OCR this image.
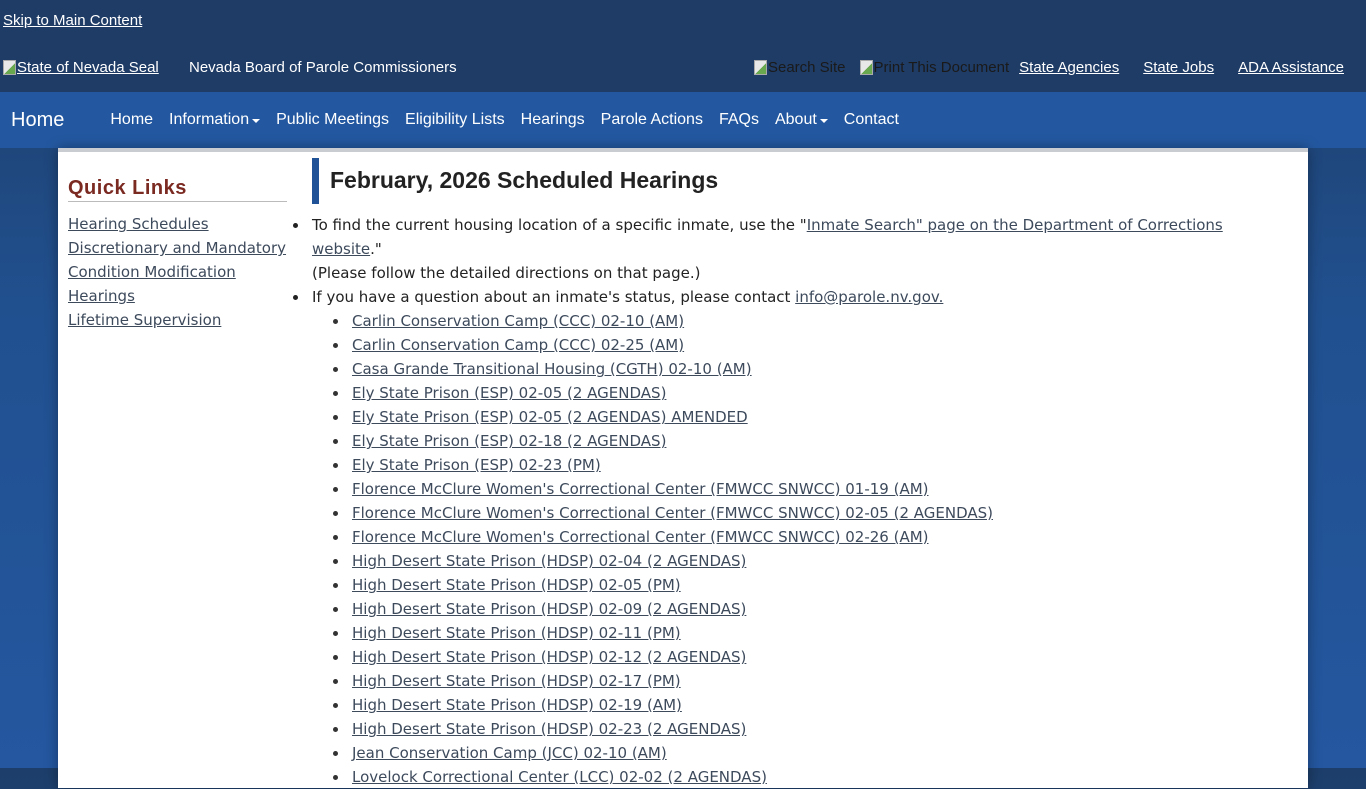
Skip to Main Content
State of Nevada Seal Nevada Board of Parole Commissioners	Search Site Print This Document State Agencies State Jobs ADA Assistance
Home	Home Information Public Meetings Eligibility Lists Hearings Parole Actions FAQs About Contact
Quick Links
Hearing Schedules
Discretionary and Mandatory
Condition Modification
Hearings
Lifetime Supervision
February, 2026 Scheduled Hearings
To find the current housing location of a specific inmate, use the "Inmate Search" page on the Department of Corrections website."
(Please follow the detailed directions on that page.)
If you have a question about an inmate's status, please contact info@parole.nv.gov.
Carlin Conservation Camp (CCC) 02-10 (AM)
Carlin Conservation Camp (CCC) 02-25 (AM)
Casa Grande Transitional Housing (CGTH) 02-10 (AM)
Ely State Prison (ESP) 02-05 (2 AGENDAS)
Ely State Prison (ESP) 02-05 (2 AGENDAS) AMENDED
Ely State Prison (ESP) 02-18 (2 AGENDAS)
Ely State Prison (ESP) 02-23 (PM)
Florence McClure Women's Correctional Center (FMWCC SNWCC) 01-19 (AM)
Florence McClure Women's Correctional Center (FMWCC SNWCC) 02-05 (2 AGENDAS)
Florence McClure Women's Correctional Center (FMWCC SNWCC) 02-26 (AM)
High Desert State Prison (HDSP) 02-04 (2 AGENDAS)
High Desert State Prison (HDSP) 02-05 (PM)
High Desert State Prison (HDSP) 02-09 (2 AGENDAS)
High Desert State Prison (HDSP) 02-11 (PM)
High Desert State Prison (HDSP) 02-12 (2 AGENDAS)
High Desert State Prison (HDSP) 02-17 (PM)
High Desert State Prison (HDSP) 02-19 (AM)
High Desert State Prison (HDSP) 02-23 (2 AGENDAS)
Jean Conservation Camp (JCC) 02-10 (AM)
Lovelock Correctional Center (LCC) 02-02 (2 AGENDAS)
